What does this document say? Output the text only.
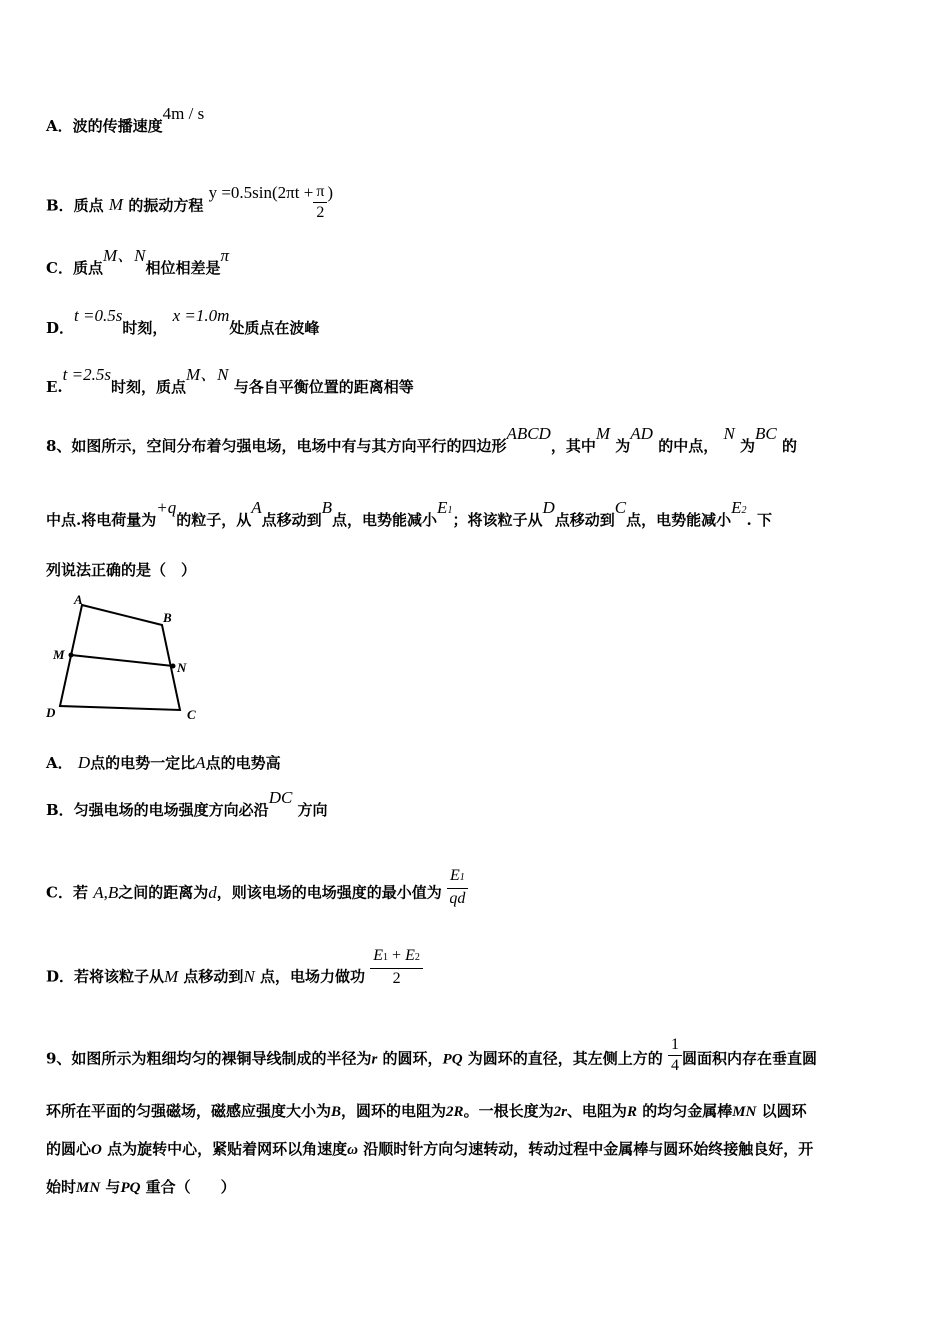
A．波的传播速度4m / s
B．质点 M 的振动方程 $y =0.5\sin(2\pi t + \frac{\pi}{2}$ )
C．质点M、N相位相差是π
D．t =0.5s时刻， x =1.0m处质点在波峰
E.t =2.5s时刻，质点M、N 与各自平衡位置的距离相等
8、如图所示，空间分布着匀强电场，电场中有与其方向平行的四边形ABCD，其中M 为AD 的中点， N 为BC 的
中点.将电荷量为+q的粒子，从A点移动到B点，电势能减小E1；将该粒子从D点移动到C点，电势能减小E2. 下
列说法正确的是（　）
A
B
C
D
M
N
A． D点的电势一定比A点的电势高
B．匀强电场的电场强度方向必沿DC 方向
C．若 A,B之间的距离为d，则该电场的电场强度的最小值为 $\frac{E1}{qd}$
D．若将该粒子从M 点移动到N 点，电场力做功 $\frac{E1 + E2}{2}$
9、如图所示为粗细均匀的裸铜导线制成的半径为r 的圆环，PQ 为圆环的直径，其左侧上方的 $\frac{1}{4}$ 圆面积内存在垂直圆
环所在平面的匀强磁场，磁感应强度大小为B，圆环的电阻为2R。一根长度为2r、电阻为R 的均匀金属棒MN 以圆环
的圆心O 点为旋转中心，紧贴着网环以角速度ω 沿顺时针方向匀速转动，转动过程中金属棒与圆环始终接触良好，开
始时MN 与PQ 重合（　　）
